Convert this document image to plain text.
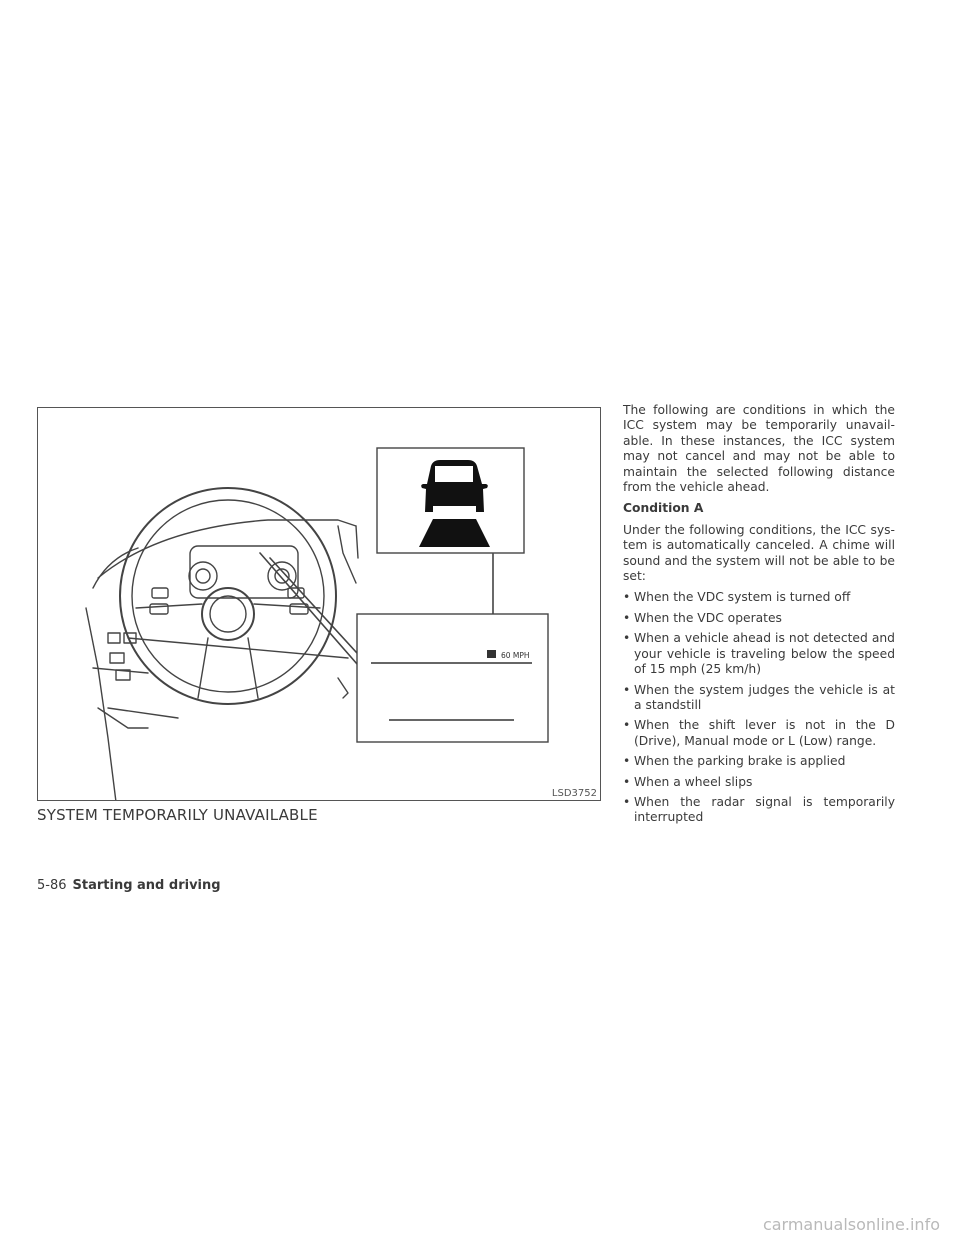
60 MPH
LSD3752
SYSTEM TEMPORARILY UNAVAILABLE

The following are conditions in which the ICC system may be temporarily unavail-able. In these instances, the ICC system may not cancel and may not be able to maintain the selected following distance from the vehicle ahead.

Condition A

Under the following conditions, the ICC sys-tem is automatically canceled. A chime will sound and the system will not be able to be set:

• When the VDC system is turned off
• When the VDC operates
• When a vehicle ahead is not detected and your vehicle is traveling below the speed of 15 mph (25 km/h)
• When the system judges the vehicle is at a standstill
• When the shift lever is not in the D (Drive), Manual mode or L (Low) range.
• When the parking brake is applied
• When a wheel slips
• When the radar signal is temporarily interrupted
5-86 Starting and driving
carmanualsonline.info
